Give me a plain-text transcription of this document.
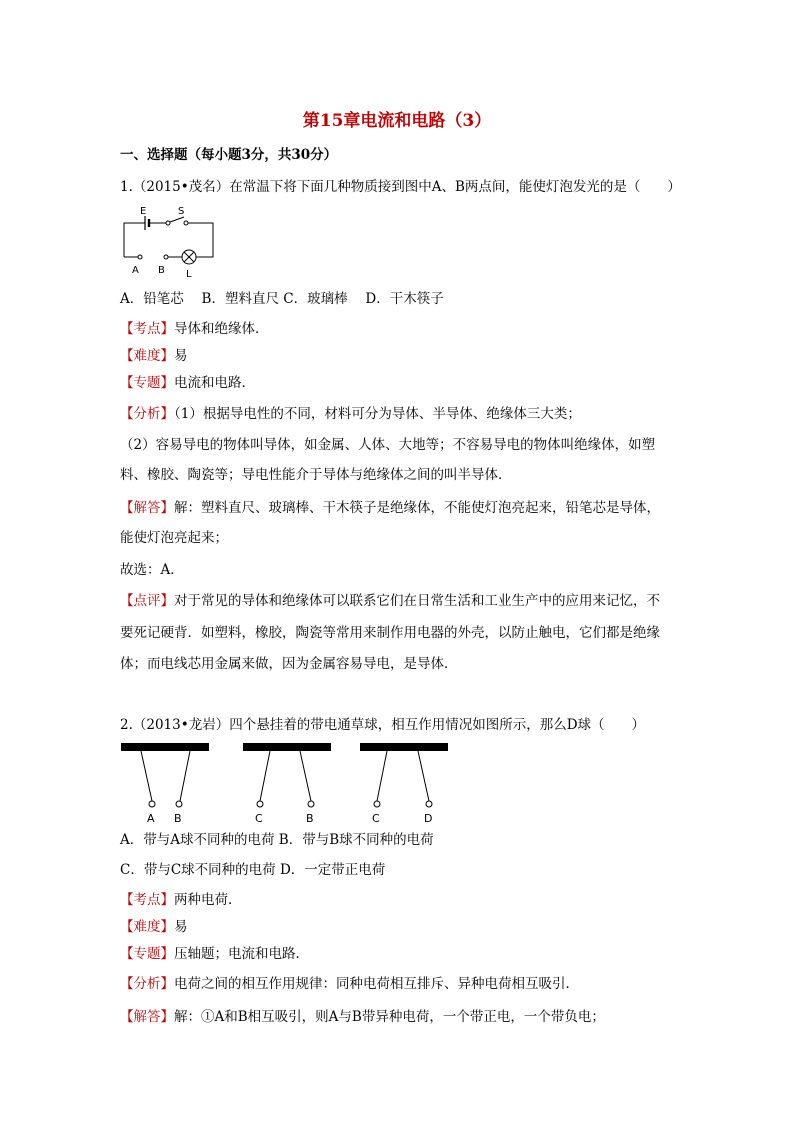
第15章电流和电路（3）
一、选择题（每小题3分，共30分）
1.（2015•茂名）在常温下将下面几种物质接到图中A、B两点间，能使灯泡发光的是（　　）
E	S
A B L
A．铅笔芯　 B．塑料直尺 C．玻璃棒　 D．干木筷子
【考点】导体和绝缘体．
【难度】易
【专题】电流和电路．
【分析】（1）根据导电性的不同，材料可分为导体、半导体、绝缘体三大类；
（2）容易导电的物体叫导体，如金属、人体、大地等；不容易导电的物体叫绝缘体，如塑
料、橡胶、陶瓷等；导电性能介于导体与绝缘体之间的叫半导体．
【解答】解：塑料直尺、玻璃棒、干木筷子是绝缘体，不能使灯泡亮起来，铅笔芯是导体，
能使灯泡亮起来；
故选：A．
【点评】对于常见的导体和绝缘体可以联系它们在日常生活和工业生产中的应用来记忆，不
要死记硬背．如塑料，橡胶，陶瓷等常用来制作用电器的外壳，以防止触电，它们都是绝缘
体；而电线芯用金属来做，因为金属容易导电，是导体．
2.（2013•龙岩）四个悬挂着的带电通草球，相互作用情况如图所示，那么D球（　　）
A B	C	B	C	D
A．带与A球不同种的电荷 B．带与B球不同种的电荷
C．带与C球不同种的电荷 D．一定带正电荷
【考点】两种电荷．
【难度】易
【专题】压轴题；电流和电路．
【分析】电荷之间的相互作用规律：同种电荷相互排斥、异种电荷相互吸引．
【解答】解：①A和B相互吸引，则A与B带异种电荷，一个带正电，一个带负电；
